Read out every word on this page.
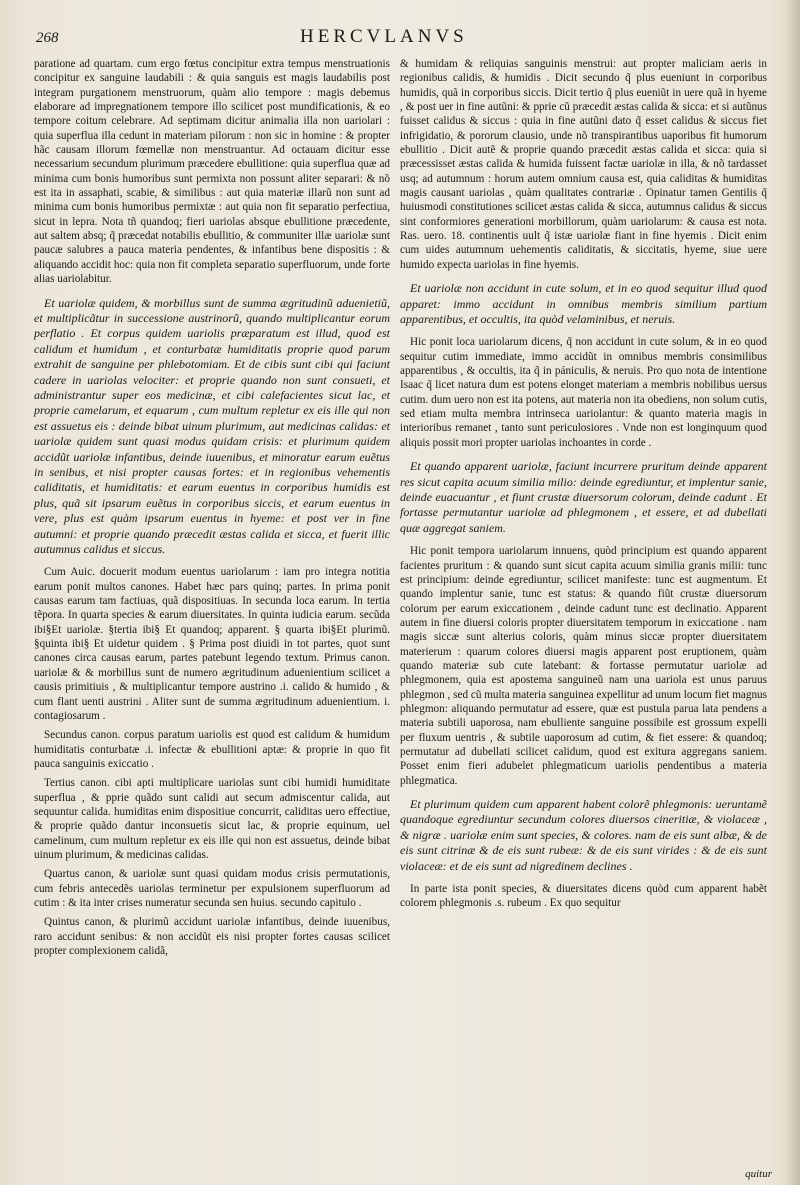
268	HERCVLANVS

paratione ad quartam. cum ergo fœtus concipitur extra tempus menstruationis concipitur ex sanguine laudabili : & quia sanguis est magis laudabilis post integram purgationem menstruorum, quàm alio tempore : magis debemus elaborare ad impregnationem tempore illo scilicet post mundificationis, & eo tempore coitum celebrare. Ad septimam dicitur animalia illa non uariolari : quia superflua illa cedunt in materiam pilorum : non sic in homine : & propter hãc causam illorum fœmellæ non menstruantur. Ad octauam dicitur esse necessarium secundum plurimum præcedere ebullitione: quia superflua quæ ad minima cum bonis humoribus sunt permixta non possunt aliter separari: & nõ est ita in assaphati, scabie, & similibus : aut quia materiæ illarũ non sunt ad minima cum bonis humoribus permixtæ : aut quia non fit separatio perfectiua, sicut in lepra. Nota tñ quandoq; fieri uariolas absque ebullitione præcedente, aut saltem absq; q̃ præcedat notabilis ebullitio, & communiter illæ uariolæ sunt paucæ salubres a pauca materia pendentes, & infantibus bene dispositis : & aliquando accidit hoc: quia non fit completa separatio superfluorum, unde forte alias uariolabitur.

Et uariolæ quidem, & morbillus sunt de summa ægritudinũ aduenietiũ, et multiplicãtur in successione austrinorũ, quando multiplicantur eorum perflatio . Et corpus quidem uariolis præparatum est illud, quod est calidum et humidum , et conturbatæ humiditatis proprie quod parum extrahit de sanguine per phlebotomiam. Et de cibis sunt cibi qui faciunt cadere in uariolas velociter: et proprie quando non sunt consueti, et administrantur super eos medicinæ, et cibi calefacientes sicut lac, et proprie camelarum, et equarum , cum multum repletur ex eis ille qui non est assuetus eis : deinde bibat uinum plurimum, aut medicinas calidas: et uariolæ quidem sunt quasi modus quidam crisis: et plurimum quidem accidũt uariolæ infantibus, deinde iuuenibus, et minoratur earum euẽtus in senibus, et nisi propter causas fortes: et in regionibus vehementis caliditatis, et humiditatis: et earum euentus in corporibus humidis est plus, quã sit ipsarum euẽtus in corporibus siccis, et earum euentus in vere, plus est quàm ipsarum euentus in hyeme: et post ver in fine autumni: et proprie quando præcedit æstas calida et sicca, et fuerit illic autumnus calidus et siccus.

Cum Auic. docuerit modum euentus uariolarum : iam pro integra notitia earum ponit multos canones. Habet hæc pars quinq; partes. In prima ponit causas earum tam factiuas, quã dispositiuas. In secunda loca earum. In tertia tẽpora. In quarta species & earum diuersitates. In quinta iudicia earum. secũda ibi§Et uariolæ. §tertia ibi§ Et quandoq; apparent. § quarta ibi§Et plurimũ. §quinta ibi§ Et uidetur quidem . § Prima post diuidi in tot partes, quot sunt canones circa causas earum, partes patebunt legendo textum. Primus canon. uariolæ & & morbillus sunt de numero ægritudinum aduenientium scilicet a causis primitiuis , & multiplicantur tempore austrino .i. calido & humido , & cum flant uenti austrini . Aliter sunt de summa ægritudinum aduenientium. i. contagiosarum .

Secundus canon. corpus paratum uariolis est quod est calidum & humidum humiditatis conturbatæ .i. infectæ & ebullitioni aptæ: & proprie in quo fit pauca sanguinis exiccatio .

Tertius canon. cibi apti multiplicare uariolas sunt cibi humidi humiditate superflua , & pprie quãdo sunt calidi aut secum admiscentur calida, aut sequuntur calida. humiditas enim dispositiue concurrit, caliditas uero effectiue, & proprie quãdo dantur inconsuetis sicut lac, & proprie equinum, uel camelinum, cum multum repletur ex eis ille qui non est assuetus, deinde bibat uinum plurimum, & medicinas calidas.

Quartus canon, & uariolæ sunt quasi quidam modus crisis permutationis, cum febris antecedẽs uariolas terminetur per expulsionem superfluorum ad cutim : & ita inter crises numeratur secunda sen huius. secundo capitulo .

Quintus canon, & plurimũ accidunt uariolæ infantibus, deinde iuuenibus, raro accidunt senibus: & non accidũt eis nisi propter fortes causas scilicet propter complexionem calidã,

& humidam & reliquias sanguinis menstrui: aut propter maliciam aeris in regionibus calidis, & humidis . Dicit secundo q̃ plus eueniunt in corporibus humidis, quã in corporibus siccis. Dicit tertio q̃ plus eueniũt in uere quã in hyeme , & post uer in fine autũni: & pprie cũ præcedit æstas calida & sicca: et si autũnus fuisset calidus & siccus : quia in fine autũni dato q̃ esset calidus & siccus fiet infrigidatio, & pororum clausio, unde nõ transpirantibus uaporibus fit humorum ebullitio . Dicit autẽ & proprie quando præcedit æstas calida et sicca: quia si præcessisset æstas calida & humida fuissent factæ uariolæ in illa, & nõ tardasset usq; ad autumnum : horum autem omnium causa est, quia caliditas & humiditas magis causant uariolas , quàm qualitates contrariæ . Opinatur tamen Gentilis q̃ huiusmodi constitutiones scilicet æstas calida & sicca, autumnus calidus & siccus sint conformiores generationi morbillorum, quàm uariolarum: & causa est nota. Ras. uero. 18. continentis uult q̃ istæ uariolæ fiant in fine hyemis . Dicit enim cum uides autumnum uehementis caliditatis, & siccitatis, hyeme, siue uere humido expecta uariolas in fine hyemis.

Et uariolæ non accidunt in cute solum, et in eo quod sequitur illud quod apparet: immo accidunt in omnibus membris similium partium apparentibus, et occultis, ita quòd velaminibus, et neruis.

Hic ponit loca uariolarum dicens, q̃ non accidunt in cute solum, & in eo quod sequitur cutim immediate, immo accidũt in omnibus membris consimilibus apparentibus , & occultis, ita q̃ in pániculis, & neruis. Pro quo nota de intentione Isaac q̃ licet natura dum est potens elonget materiam a membris nobilibus uersus cutim. dum uero non est ita potens, aut materia non ita obediens, non solum cutis, sed etiam multa membra intrinseca uariolantur: & quanto materia magis in interioribus remanet , tanto sunt periculosiores . Vnde non est longinquum quod aliquis possit mori propter uariolas inchoantes in corde .

Et quando apparent uariolæ, faciunt incurrere pruritum deinde apparent res sicut capita acuum similia milio: deinde egrediuntur, et implentur sanie, deinde euacuantur , et fiunt crustæ diuersorum colorum, deinde cadunt . Et fortasse permutantur uariolæ ad phlegmonem , et essere, et ad dubellati quæ aggregat saniem.

Hic ponit tempora uariolarum innuens, quòd principium est quando apparent facientes pruritum : & quando sunt sicut capita acuum similia granis milii: tunc est principium: deinde egrediuntur, scilicet manifeste: tunc est augmentum. Et quando implentur sanie, tunc est status: & quando fiũt crustæ diuersorum colorum per earum exiccationem , deinde cadunt tunc est declinatio. Apparent autem in fine diuersi coloris propter diuersitatem temporum in exiccatione . nam magis siccæ sunt alterius coloris, quàm minus siccæ propter diuersitatem materierum : quarum colores diuersi magis apparent post eruptionem, quàm quando materiæ sub cute latebant: & fortasse permutatur uariolæ ad phlegmonem, quia est apostema sanguineũ nam una uariola est unus paruus phlegmon , sed cũ multa materia sanguinea expellitur ad unum locum fiet magnus phlegmon: aliquando permutatur ad essere, quæ est pustula parua lata pendens a materia subtili uaporosa, nam ebulliente sanguine possibile est grossum expelli per fluxum uentris , & subtile uaporosum ad cutim, & fiet essere: & quandoq; permutatur ad dubellati scilicet calidum, quod est exitura aggregans saniem. Posset enim fieri adubelet phlegmaticum uariolis pendentibus a materia phlegmatica.

Et plurimum quidem cum apparent habent colorẽ phlegmonis: ueruntamẽ quandoque egrediuntur secundum colores diuersos cineritiæ, & violaceæ , & nigræ . uariolæ enim sunt species, & colores. nam de eis sunt albæ, & de eis sunt citrinæ & de eis sunt rubeæ: & de eis sunt virides : & de eis sunt violaceæ: et de eis sunt ad nigredinem declines .

In parte ista ponit species, & diuersitates dicens quòd cum apparent habẽt colorem phlegmonis .s. rubeum . Ex quo sequitur

quitur
